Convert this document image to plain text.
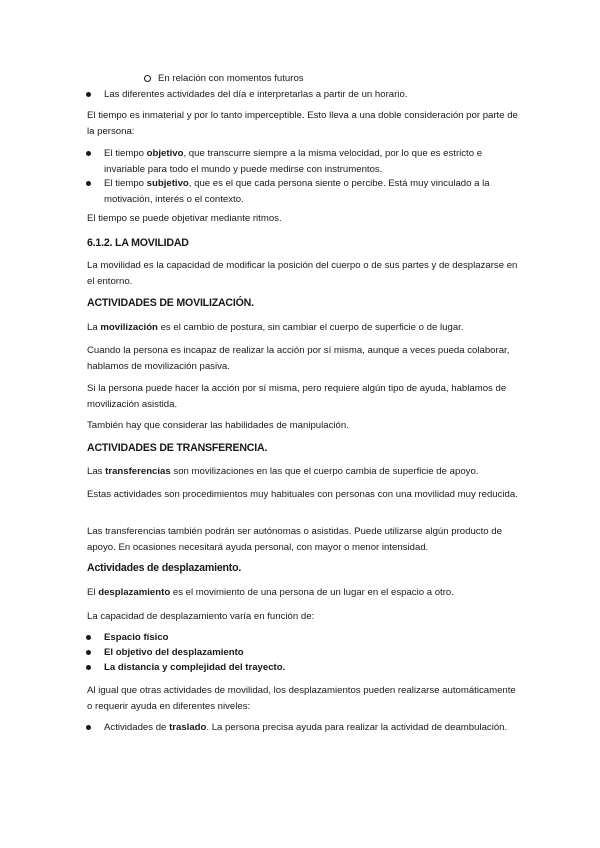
En relación con momentos futuros
Las diferentes actividades del día e interpretarlas a partir de un horario.

El tiempo es inmaterial y por lo tanto imperceptible. Esto lleva a una doble consideración por parte de la persona:

El tiempo objetivo, que transcurre siempre a la misma velocidad, por lo que es estricto e invariable para todo el mundo y puede medirse con instrumentos.
El tiempo subjetivo, que es el que cada persona siente o percibe. Está muy vinculado a la motivación, interés o el contexto.

El tiempo se puede objetivar mediante ritmos.

6.1.2. LA MOVILIDAD

La movilidad es la capacidad de modificar la posición del cuerpo o de sus partes y de desplazarse en el entorno.

ACTIVIDADES DE MOVILIZACIÓN.

La movilización es el cambio de postura, sin cambiar el cuerpo de superficie o de lugar.

Cuando la persona es incapaz de realizar la acción por sí misma, aunque a veces pueda colaborar, hablamos de movilización pasiva.

Si la persona puede hacer la acción por sí misma, pero requiere algún tipo de ayuda, hablamos de movilización asistida.

También hay que considerar las habilidades de manipulación.

ACTIVIDADES DE TRANSFERENCIA.

Las transferencias son movilizaciones en las que el cuerpo cambia de superficie de apoyo.

Estas actividades son procedimientos muy habituales con personas con una movilidad muy reducida.

Las transferencias también podrán ser autónomas o asistidas. Puede utilizarse algún producto de apoyo. En ocasiones necesitará ayuda personal, con mayor o menor intensidad.

Actividades de desplazamiento.

El desplazamiento es el movimiento de una persona de un lugar en el espacio a otro.

La capacidad de desplazamiento varía en función de:

Espacio físico
El objetivo del desplazamiento
La distancia y complejidad del trayecto.

Al igual que otras actividades de movilidad, los desplazamientos pueden realizarse automáticamente o requerir ayuda en diferentes niveles:

Actividades de traslado. La persona precisa ayuda para realizar la actividad de deambulación.
